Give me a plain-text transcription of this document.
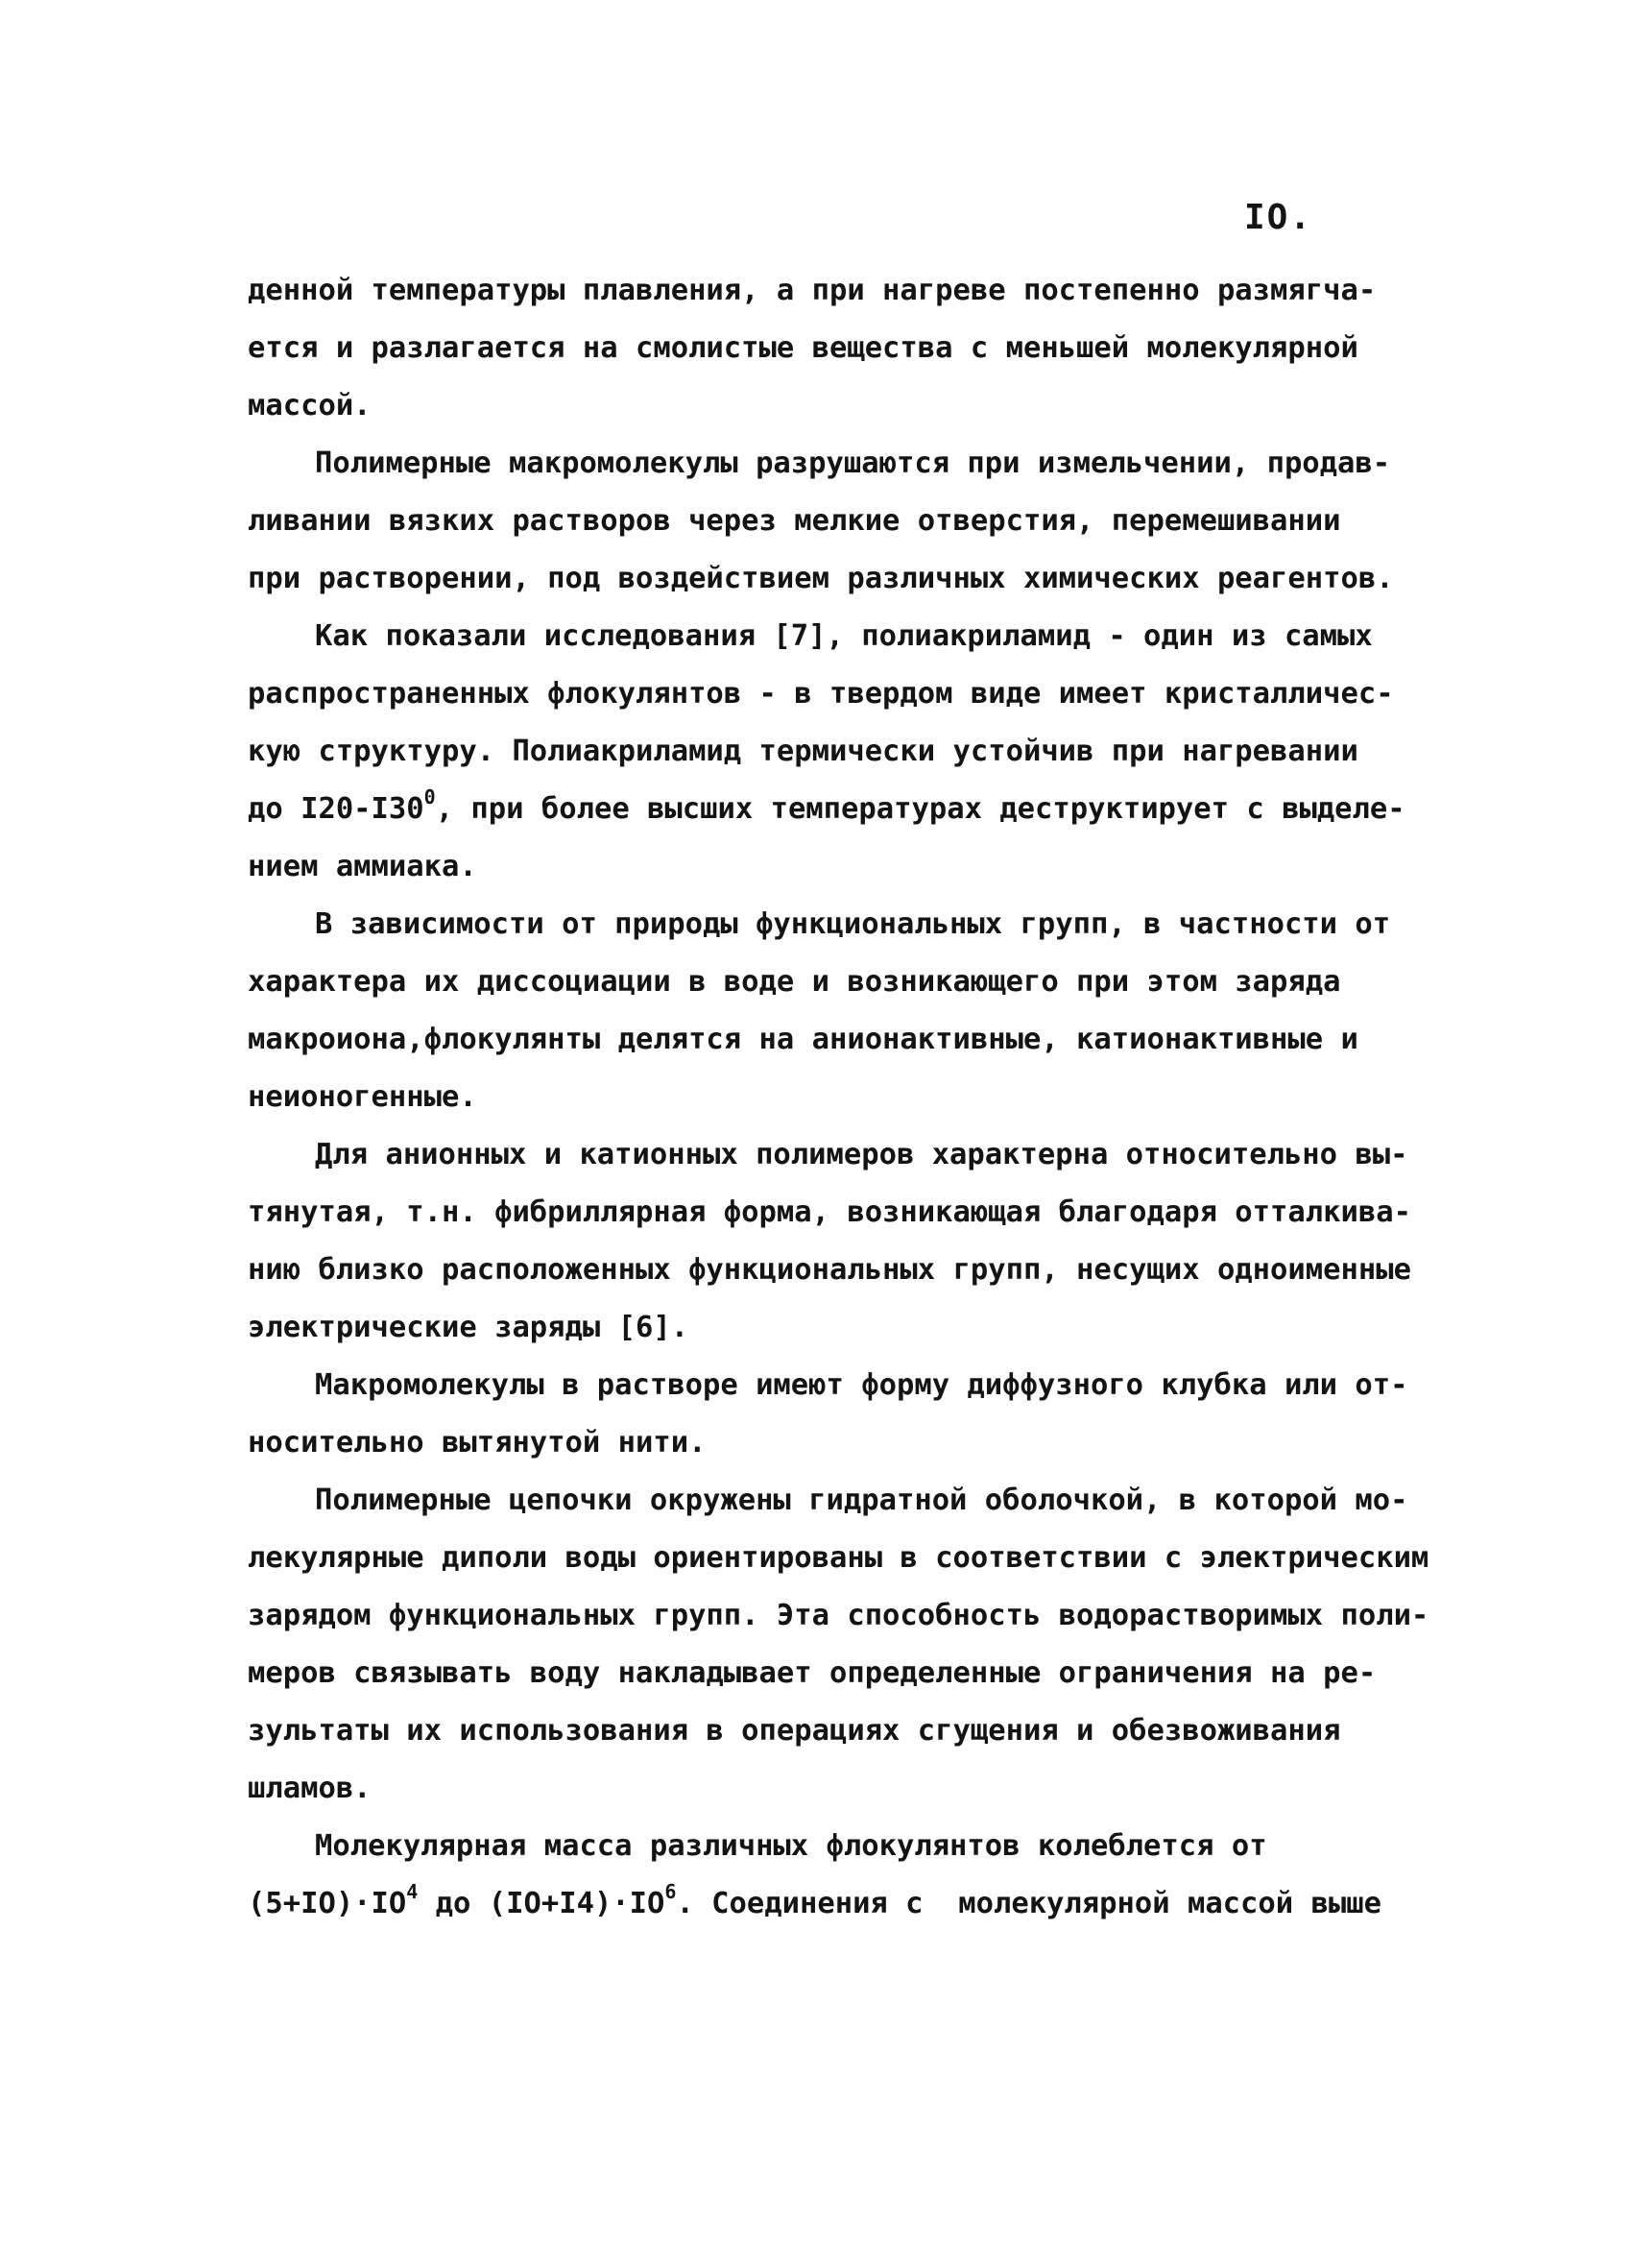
IO.
денной температуры плавления, а при нагреве постепенно размягча-
ется и разлагается на смолистые вещества с меньшей молекулярной
массой.
Полимерные макромолекулы разрушаются при измельчении, продав-
ливании вязких растворов через мелкие отверстия, перемешивании
при растворении, под воздействием различных химических реагентов.
Как показали исследования [7], полиакриламид - один из самых
распространенных флокулянтов - в твердом виде имеет кристалличес-
кую структуру. Полиакриламид термически устойчив при нагревании
до $I20-I30^0$, при более высших температурах деструктирует с выделе-
нием аммиака.
В зависимости от природы функциональных групп, в частности от
характера их диссоциации в воде и возникающего при этом заряда
макроиона,флокулянты делятся на анионактивные, катионактивные и
неионогенные.
Для анионных и катионных полимеров характерна относительно вы-
тянутая, т.н. фибриллярная форма, возникающая благодаря отталкива-
нию близко расположенных функциональных групп, несущих одноименные
электрические заряды [6].
Макромолекулы в растворе имеют форму диффузного клубка или от-
носительно вытянутой нити.
Полимерные цепочки окружены гидратной оболочкой, в которой мо-
лекулярные диполи воды ориентированы в соответствии с электрическим
зарядом функциональных групп. Эта способность водорастворимых поли-
меров связывать воду накладывает определенные ограничения на ре-
зультаты их использования в операциях сгущения и обезвоживания
шламов.
Молекулярная масса различных флокулянтов колеблется от
$(5+IO)\cdot IO^4$ до $(IO+I4)\cdot IO^6$. Соединения с  молекулярной массой выше
